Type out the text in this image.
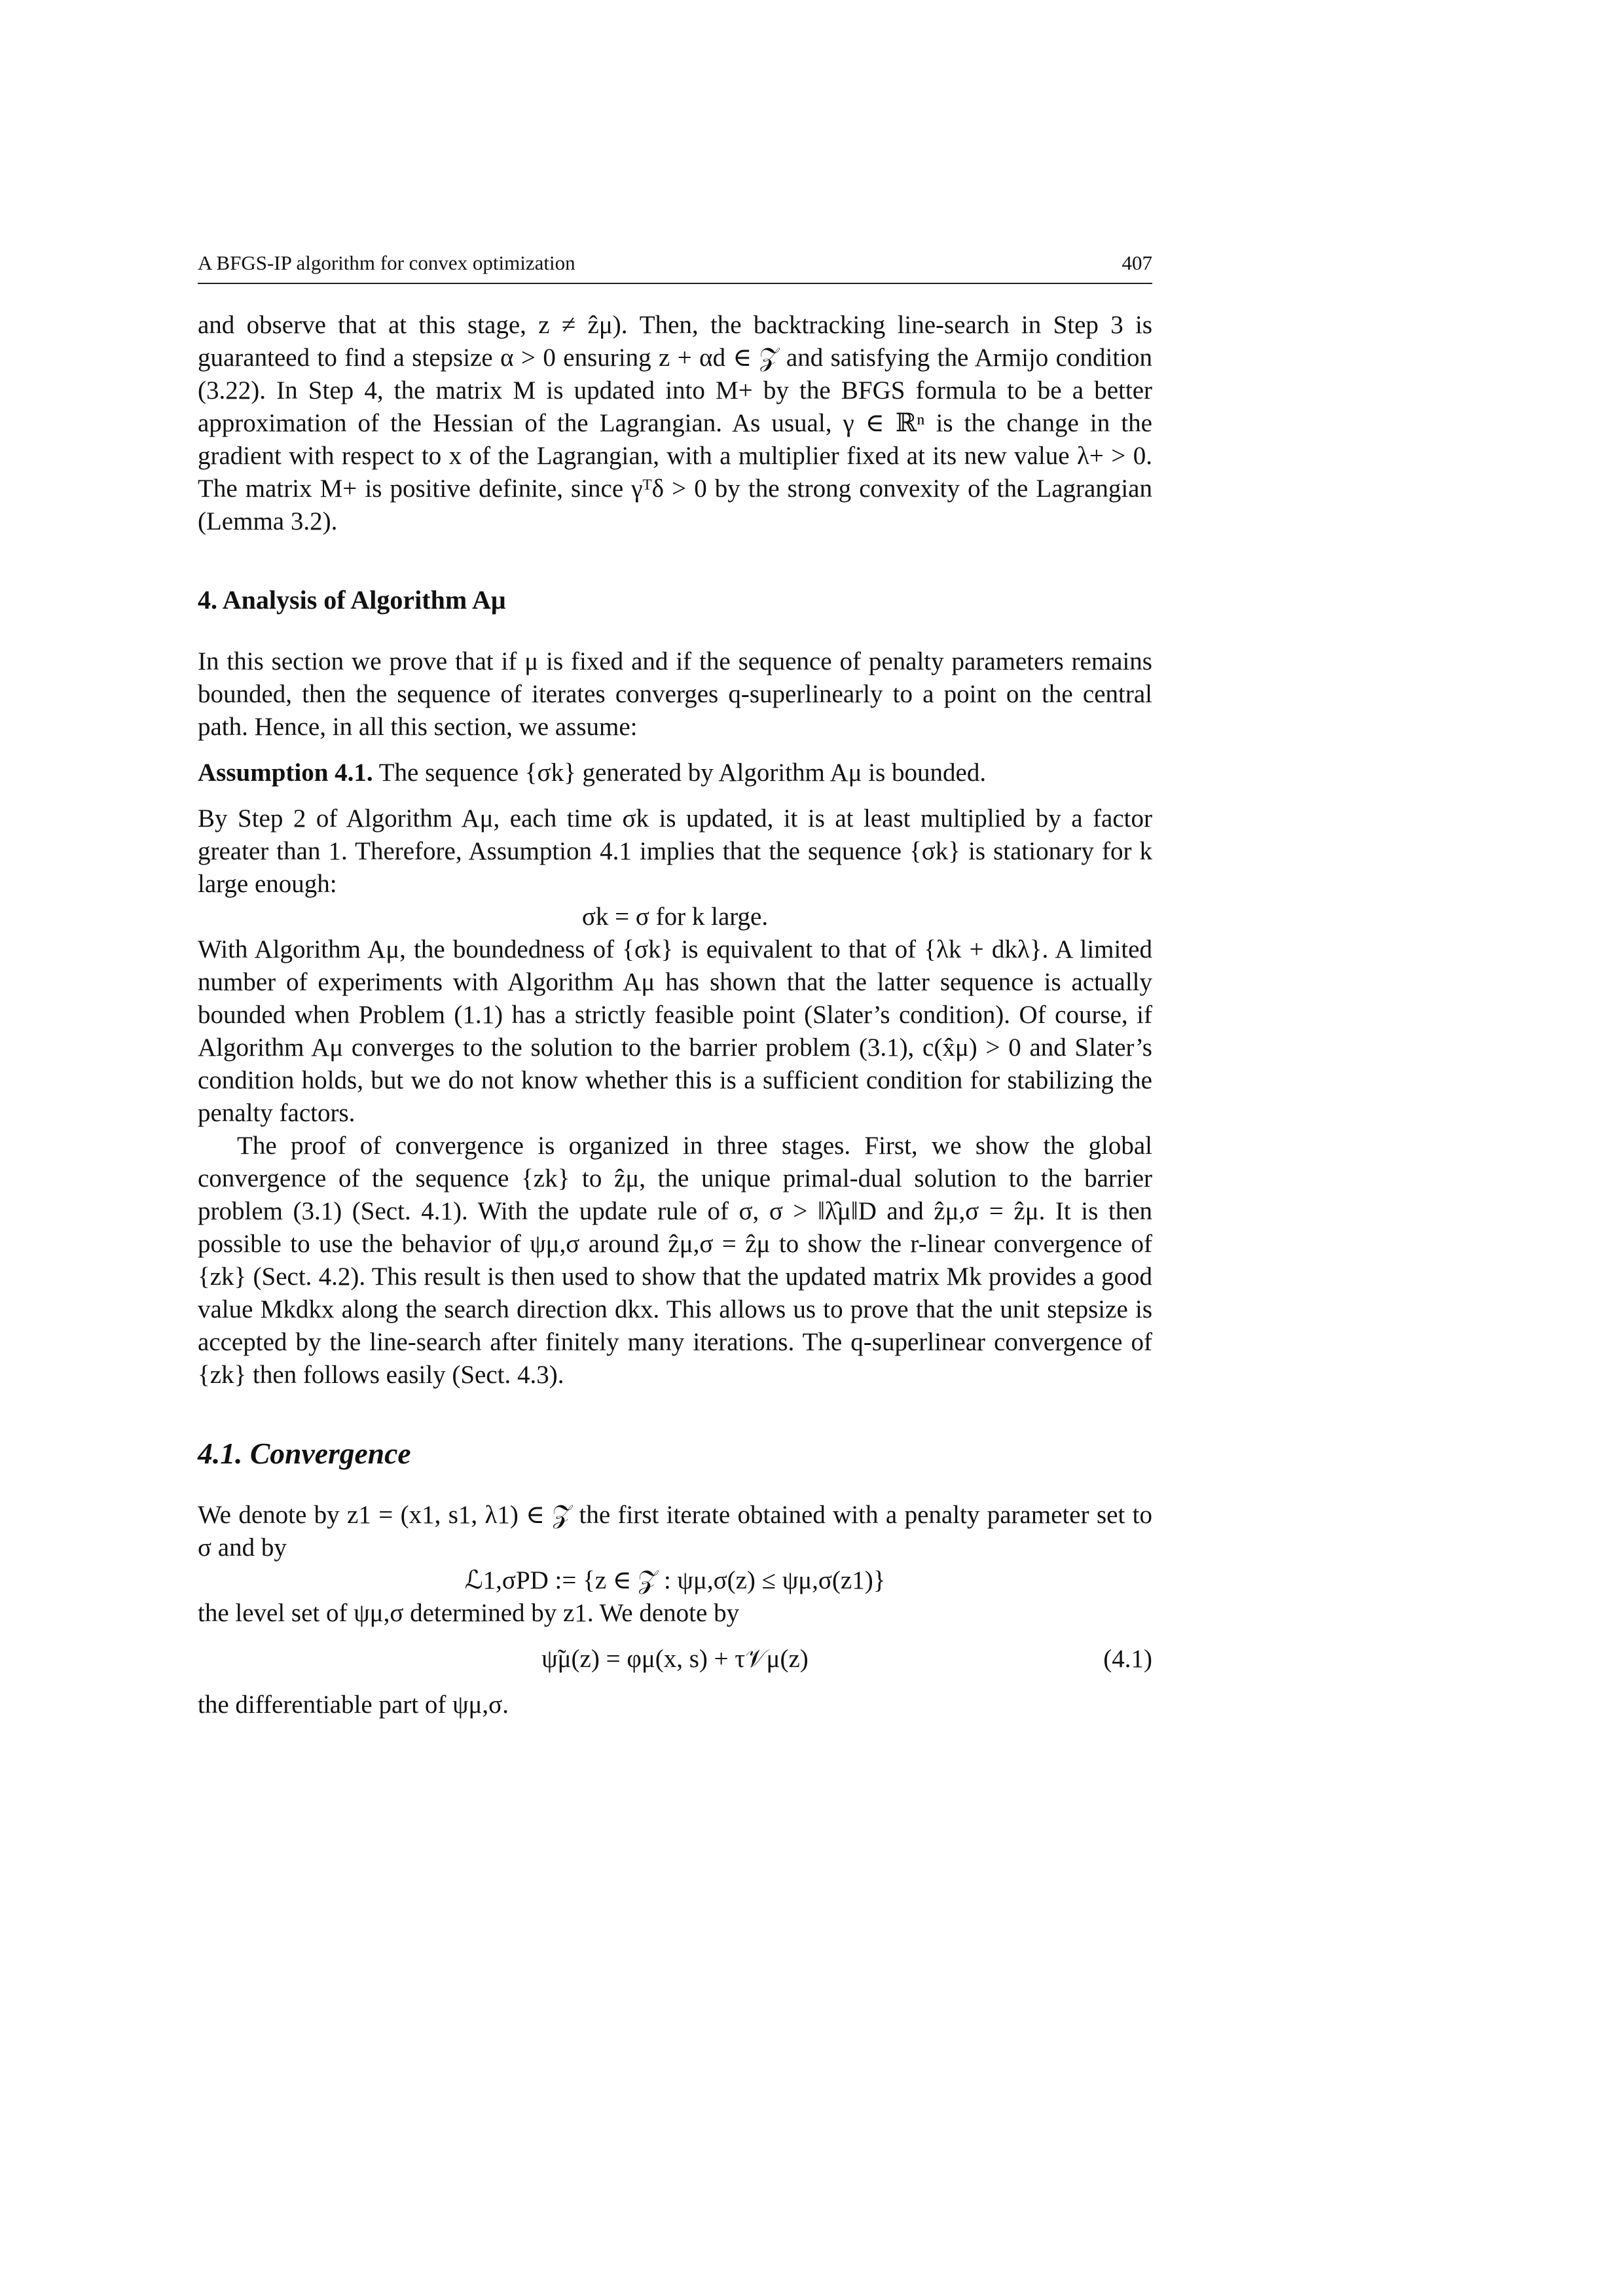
A BFGS-IP algorithm for convex optimization	407

and observe that at this stage, z ≠ ẑμ). Then, the backtracking line-search in Step 3 is guaranteed to find a stepsize α > 0 ensuring z + αd ∈ 𝒵 and satisfying the Armijo condition (3.22). In Step 4, the matrix M is updated into M+ by the BFGS formula to be a better approximation of the Hessian of the Lagrangian. As usual, γ ∈ ℝⁿ is the change in the gradient with respect to x of the Lagrangian, with a multiplier fixed at its new value λ+ > 0. The matrix M+ is positive definite, since γᵀδ > 0 by the strong convexity of the Lagrangian (Lemma 3.2).

4. Analysis of Algorithm Aμ

In this section we prove that if μ is fixed and if the sequence of penalty parameters remains bounded, then the sequence of iterates converges q-superlinearly to a point on the central path. Hence, in all this section, we assume:

Assumption 4.1. The sequence {σk} generated by Algorithm Aμ is bounded.

By Step 2 of Algorithm Aμ, each time σk is updated, it is at least multiplied by a factor greater than 1. Therefore, Assumption 4.1 implies that the sequence {σk} is stationary for k large enough:

σk = σ for k large.

With Algorithm Aμ, the boundedness of {σk} is equivalent to that of {λk + dkλ}. A limited number of experiments with Algorithm Aμ has shown that the latter sequence is actually bounded when Problem (1.1) has a strictly feasible point (Slater’s condition). Of course, if Algorithm Aμ converges to the solution to the barrier problem (3.1), c(x̂μ) > 0 and Slater’s condition holds, but we do not know whether this is a sufficient condition for stabilizing the penalty factors.

The proof of convergence is organized in three stages. First, we show the global convergence of the sequence {zk} to ẑμ, the unique primal-dual solution to the barrier problem (3.1) (Sect. 4.1). With the update rule of σ, σ > ‖λ̂μ‖D and ẑμ,σ = ẑμ. It is then possible to use the behavior of ψμ,σ around ẑμ,σ = ẑμ to show the r-linear convergence of {zk} (Sect. 4.2). This result is then used to show that the updated matrix Mk provides a good value Mkdkx along the search direction dkx. This allows us to prove that the unit stepsize is accepted by the line-search after finitely many iterations. The q-superlinear convergence of {zk} then follows easily (Sect. 4.3).

4.1. Convergence

We denote by z1 = (x1, s1, λ1) ∈ 𝒵 the first iterate obtained with a penalty parameter set to σ and by

ℒ1,σPD := {z ∈ 𝒵 : ψμ,σ(z) ≤ ψμ,σ(z1)}

the level set of ψμ,σ determined by z1. We denote by

ψ̃μ(z) = φμ(x, s) + τ𝒱μ(z)	(4.1)

the differentiable part of ψμ,σ.
